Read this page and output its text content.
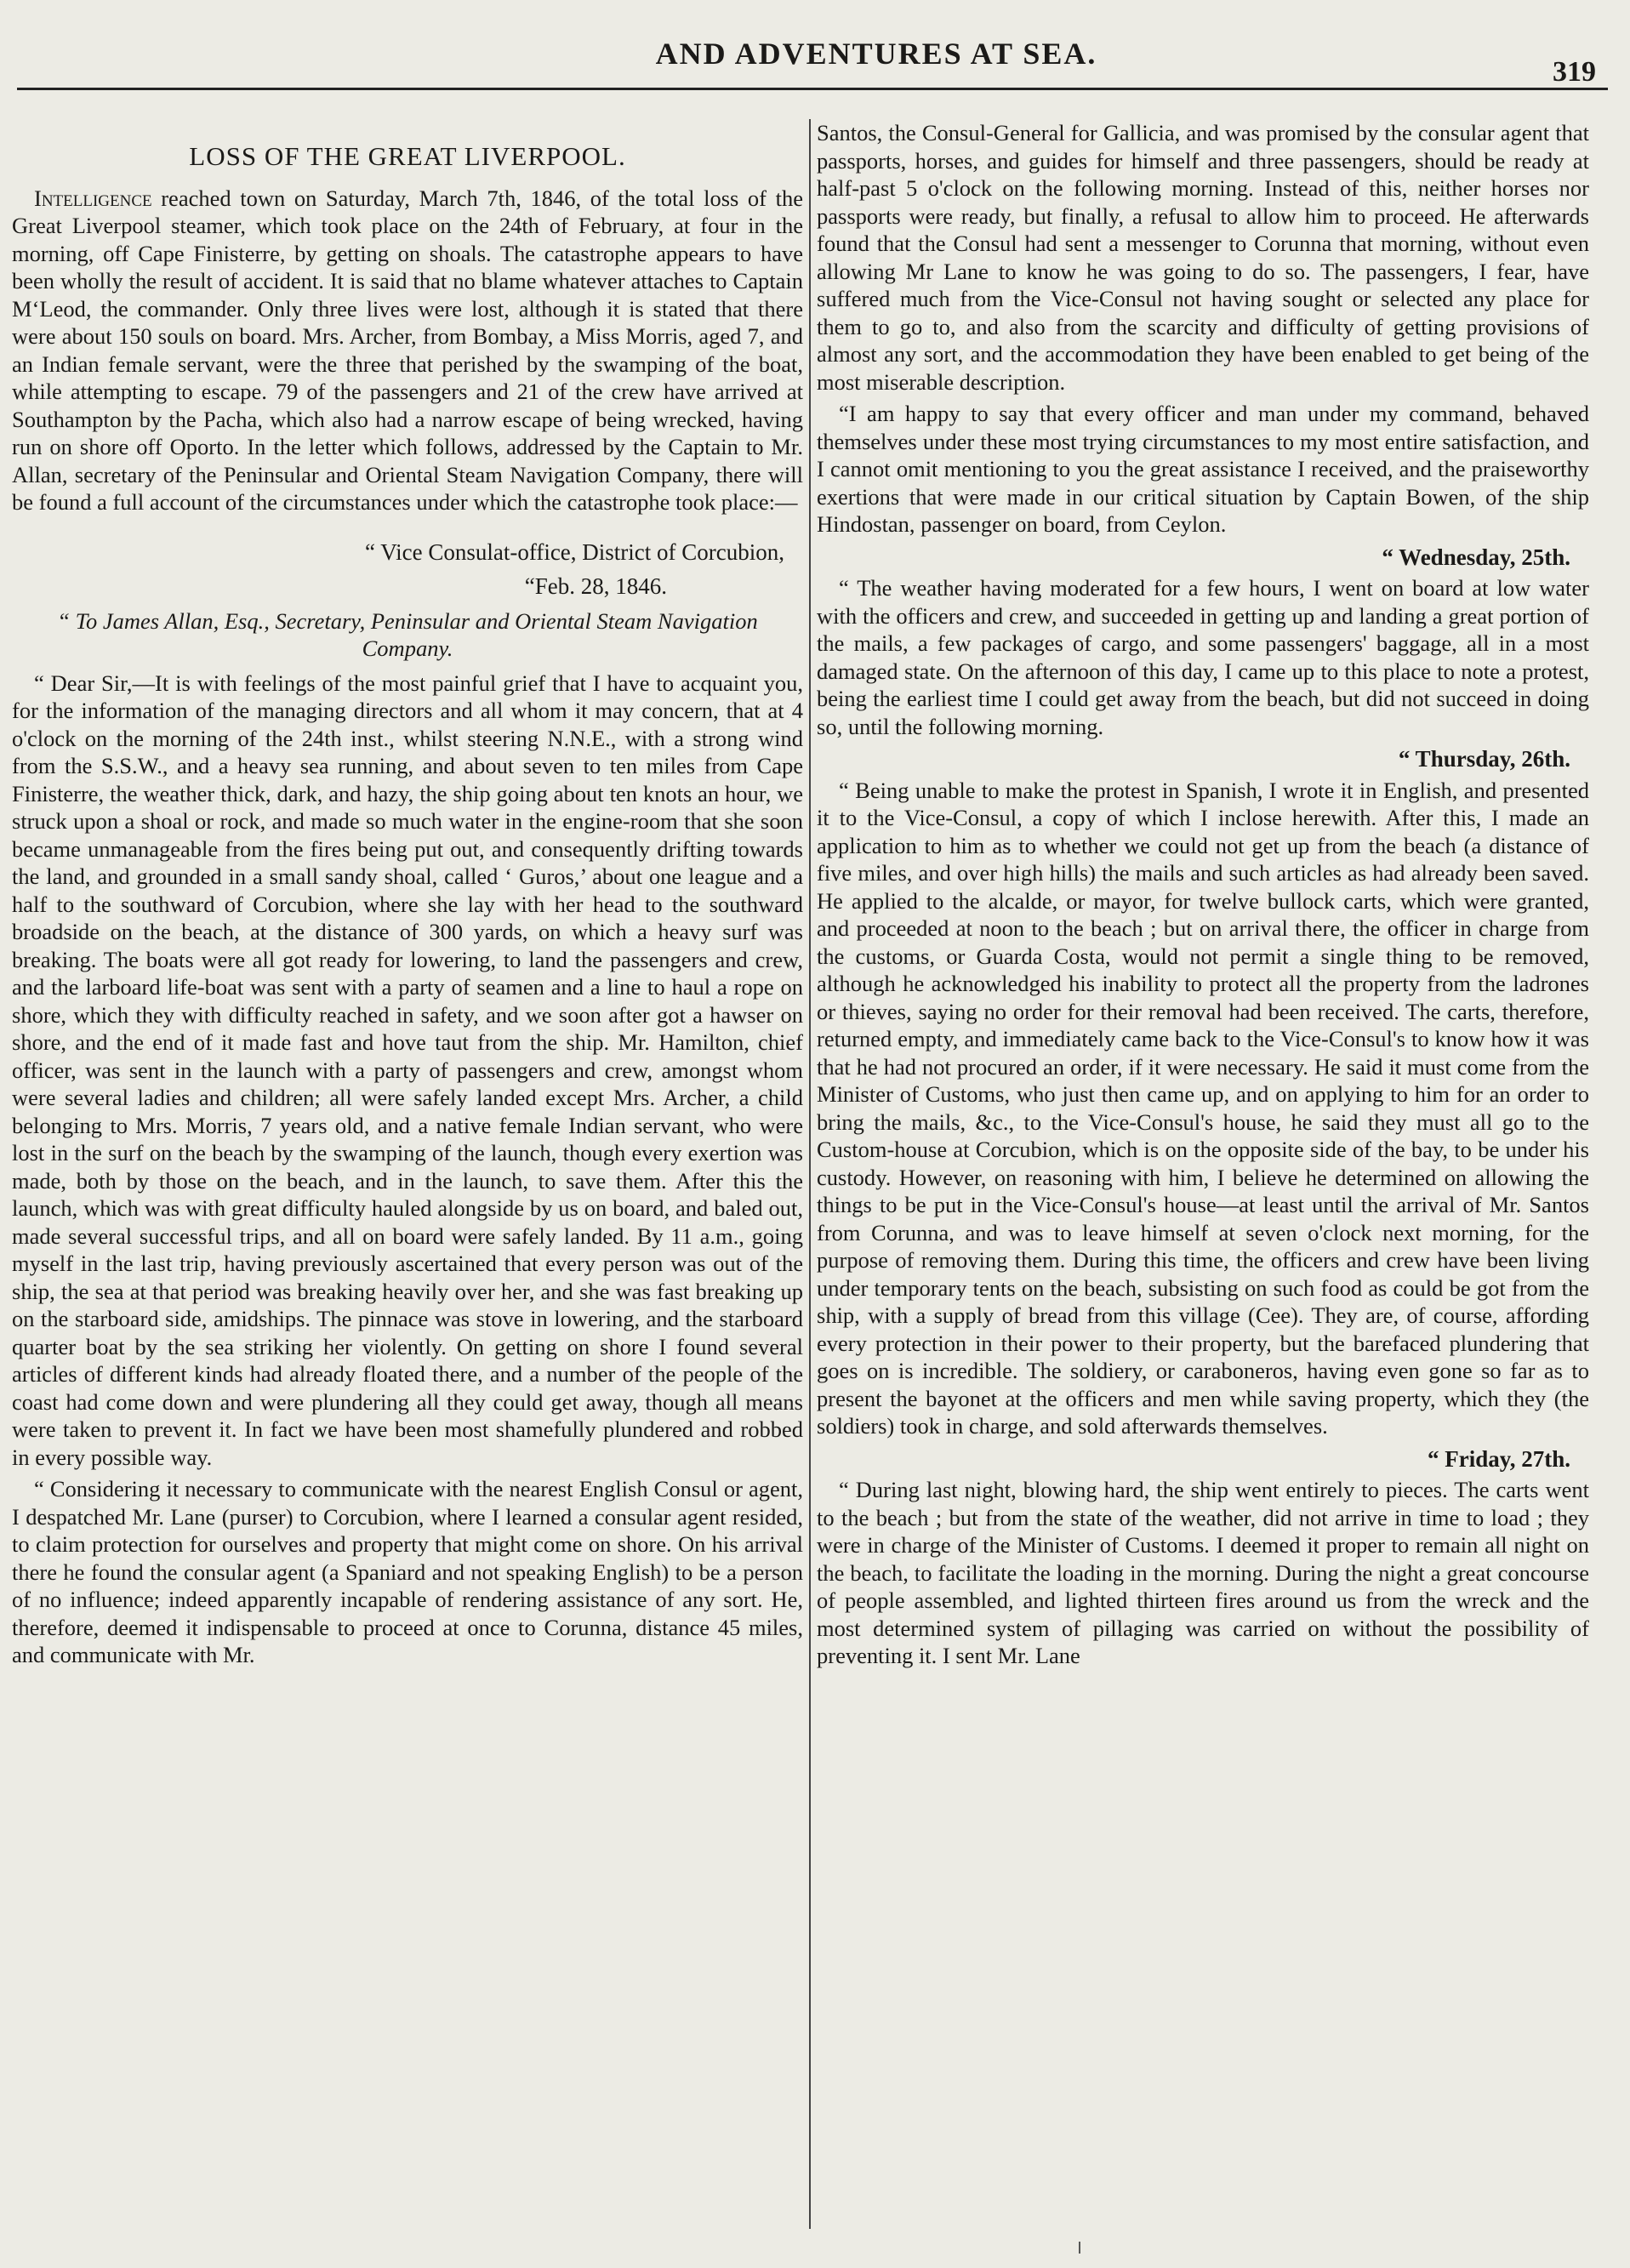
AND ADVENTURES AT SEA.
319
LOSS OF THE GREAT LIVERPOOL.

Intelligence reached town on Saturday, March 7th, 1846, of the total loss of the Great Liverpool steamer, which took place on the 24th of February, at four in the morning, off Cape Finisterre, by getting on shoals. The catastrophe appears to have been wholly the result of accident. It is said that no blame whatever attaches to Captain M‘Leod, the commander. Only three lives were lost, although it is stated that there were about 150 souls on board. Mrs. Archer, from Bombay, a Miss Morris, aged 7, and an Indian female servant, were the three that perished by the swamping of the boat, while attempting to escape. 79 of the passengers and 21 of the crew have arrived at Southampton by the Pacha, which also had a narrow escape of being wrecked, having run on shore off Oporto. In the letter which follows, addressed by the Captain to Mr. Allan, secretary of the Peninsular and Oriental Steam Navigation Company, there will be found a full account of the circumstances under which the catastrophe took place:—

“ Vice Consulat-office, District of Corcubion,
“Feb. 28, 1846.
“ To James Allan, Esq., Secretary, Peninsular and Oriental Steam Navigation Company.

“ Dear Sir,—It is with feelings of the most painful grief that I have to acquaint you, for the information of the managing directors and all whom it may concern, that at 4 o'clock on the morning of the 24th inst., whilst steering N.N.E., with a strong wind from the S.S.W., and a heavy sea running, and about seven to ten miles from Cape Finisterre, the weather thick, dark, and hazy, the ship going about ten knots an hour, we struck upon a shoal or rock, and made so much water in the engine-room that she soon became unmanageable from the fires being put out, and consequently drifting towards the land, and grounded in a small sandy shoal, called ‘ Guros,’ about one league and a half to the southward of Corcubion, where she lay with her head to the southward broadside on the beach, at the distance of 300 yards, on which a heavy surf was breaking. The boats were all got ready for lowering, to land the passengers and crew, and the larboard life-boat was sent with a party of seamen and a line to haul a rope on shore, which they with difficulty reached in safety, and we soon after got a hawser on shore, and the end of it made fast and hove taut from the ship. Mr. Hamilton, chief officer, was sent in the launch with a party of passengers and crew, amongst whom were several ladies and children; all were safely landed except Mrs. Archer, a child belonging to Mrs. Morris, 7 years old, and a native female Indian servant, who were lost in the surf on the beach by the swamping of the launch, though every exertion was made, both by those on the beach, and in the launch, to save them. After this the launch, which was with great difficulty hauled alongside by us on board, and baled out, made several successful trips, and all on board were safely landed. By 11 a.m., going myself in the last trip, having previously ascertained that every person was out of the ship, the sea at that period was breaking heavily over her, and she was fast breaking up on the starboard side, amidships. The pinnace was stove in lowering, and the starboard quarter boat by the sea striking her violently. On getting on shore I found several articles of different kinds had already floated there, and a number of the people of the coast had come down and were plundering all they could get away, though all means were taken to prevent it. In fact we have been most shamefully plundered and robbed in every possible way.

“ Considering it necessary to communicate with the nearest English Consul or agent, I despatched Mr. Lane (purser) to Corcubion, where I learned a consular agent resided, to claim protection for ourselves and property that might come on shore. On his arrival there he found the consular agent (a Spaniard and not speaking English) to be a person of no influence; indeed apparently incapable of rendering assistance of any sort. He, therefore, deemed it indispensable to proceed at once to Corunna, distance 45 miles, and communicate with Mr.

Santos, the Consul-General for Gallicia, and was promised by the consular agent that passports, horses, and guides for himself and three passengers, should be ready at half-past 5 o'clock on the following morning. Instead of this, neither horses nor passports were ready, but finally, a refusal to allow him to proceed. He afterwards found that the Consul had sent a messenger to Corunna that morning, without even allowing Mr Lane to know he was going to do so. The passengers, I fear, have suffered much from the Vice-Consul not having sought or selected any place for them to go to, and also from the scarcity and difficulty of getting provisions of almost any sort, and the accommodation they have been enabled to get being of the most miserable description.

“I am happy to say that every officer and man under my command, behaved themselves under these most trying circumstances to my most entire satisfaction, and I cannot omit mentioning to you the great assistance I received, and the praiseworthy exertions that were made in our critical situation by Captain Bowen, of the ship Hindostan, passenger on board, from Ceylon.

“ Wednesday, 25th.

“ The weather having moderated for a few hours, I went on board at low water with the officers and crew, and succeeded in getting up and landing a great portion of the mails, a few packages of cargo, and some passengers' baggage, all in a most damaged state. On the afternoon of this day, I came up to this place to note a protest, being the earliest time I could get away from the beach, but did not succeed in doing so, until the following morning.

“ Thursday, 26th.

“ Being unable to make the protest in Spanish, I wrote it in English, and presented it to the Vice-Consul, a copy of which I inclose herewith. After this, I made an application to him as to whether we could not get up from the beach (a distance of five miles, and over high hills) the mails and such articles as had already been saved. He applied to the alcalde, or mayor, for twelve bullock carts, which were granted, and proceeded at noon to the beach ; but on arrival there, the officer in charge from the customs, or Guarda Costa, would not permit a single thing to be removed, although he acknowledged his inability to protect all the property from the ladrones or thieves, saying no order for their removal had been received. The carts, therefore, returned empty, and immediately came back to the Vice-Consul's to know how it was that he had not procured an order, if it were necessary. He said it must come from the Minister of Customs, who just then came up, and on applying to him for an order to bring the mails, &c., to the Vice-Consul's house, he said they must all go to the Custom-house at Corcubion, which is on the opposite side of the bay, to be under his custody. However, on reasoning with him, I believe he determined on allowing the things to be put in the Vice-Consul's house—at least until the arrival of Mr. Santos from Corunna, and was to leave himself at seven o'clock next morning, for the purpose of removing them. During this time, the officers and crew have been living under temporary tents on the beach, subsisting on such food as could be got from the ship, with a supply of bread from this village (Cee). They are, of course, affording every protection in their power to their property, but the barefaced plundering that goes on is incredible. The soldiery, or caraboneros, having even gone so far as to present the bayonet at the officers and men while saving property, which they (the soldiers) took in charge, and sold afterwards themselves.

“ Friday, 27th.

“ During last night, blowing hard, the ship went entirely to pieces. The carts went to the beach ; but from the state of the weather, did not arrive in time to load ; they were in charge of the Minister of Customs. I deemed it proper to remain all night on the beach, to facilitate the loading in the morning. During the night a great concourse of people assembled, and lighted thirteen fires around us from the wreck and the most determined system of pillaging was carried on without the possibility of preventing it. I sent Mr. Lane
